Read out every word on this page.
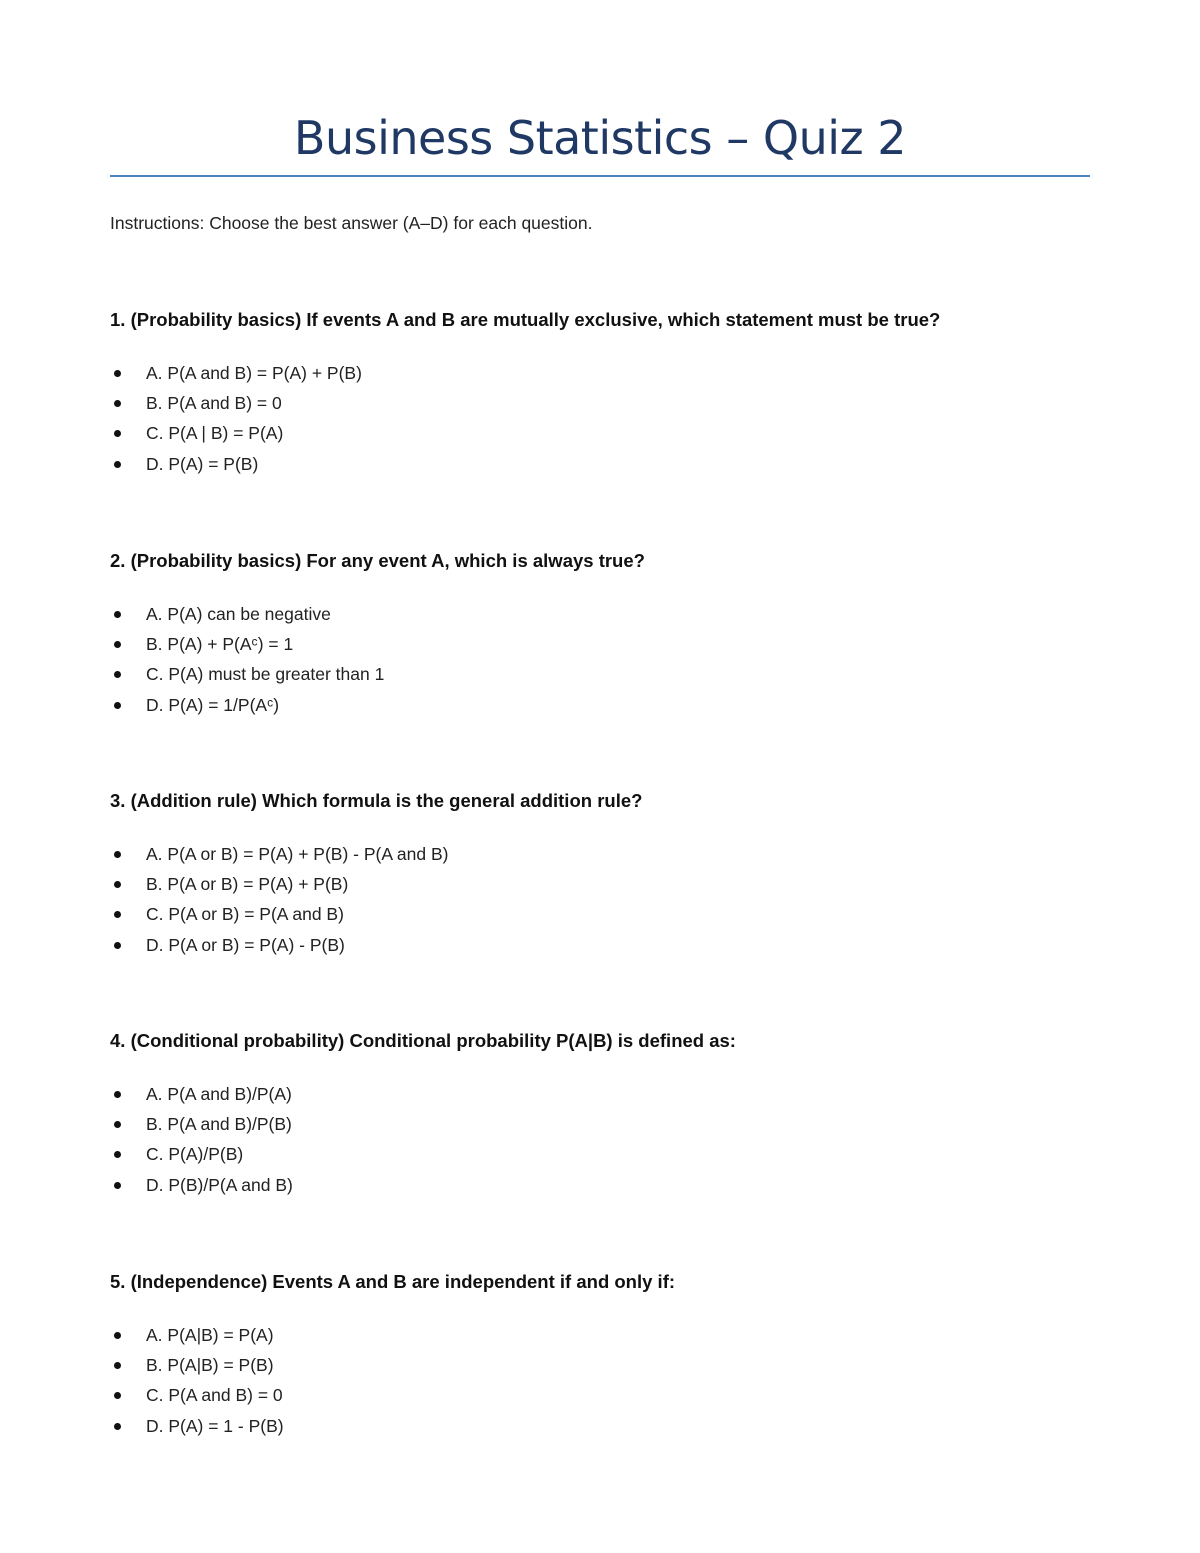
Business Statistics – Quiz 2
Instructions: Choose the best answer (A–D) for each question.

1. (Probability basics) If events A and B are mutually exclusive, which statement must be true?

A. P(A and B) = P(A) + P(B)
B. P(A and B) = 0
C. P(A | B) = P(A)
D. P(A) = P(B)

2. (Probability basics) For any event A, which is always true?

A. P(A) can be negative
B. P(A) + P(Aᶜ) = 1
C. P(A) must be greater than 1
D. P(A) = 1/P(Aᶜ)

3. (Addition rule) Which formula is the general addition rule?

A. P(A or B) = P(A) + P(B) - P(A and B)
B. P(A or B) = P(A) + P(B)
C. P(A or B) = P(A and B)
D. P(A or B) = P(A) - P(B)

4. (Conditional probability) Conditional probability P(A|B) is defined as:

A. P(A and B)/P(A)
B. P(A and B)/P(B)
C. P(A)/P(B)
D. P(B)/P(A and B)

5. (Independence) Events A and B are independent if and only if:

A. P(A|B) = P(A)
B. P(A|B) = P(B)
C. P(A and B) = 0
D. P(A) = 1 - P(B)
